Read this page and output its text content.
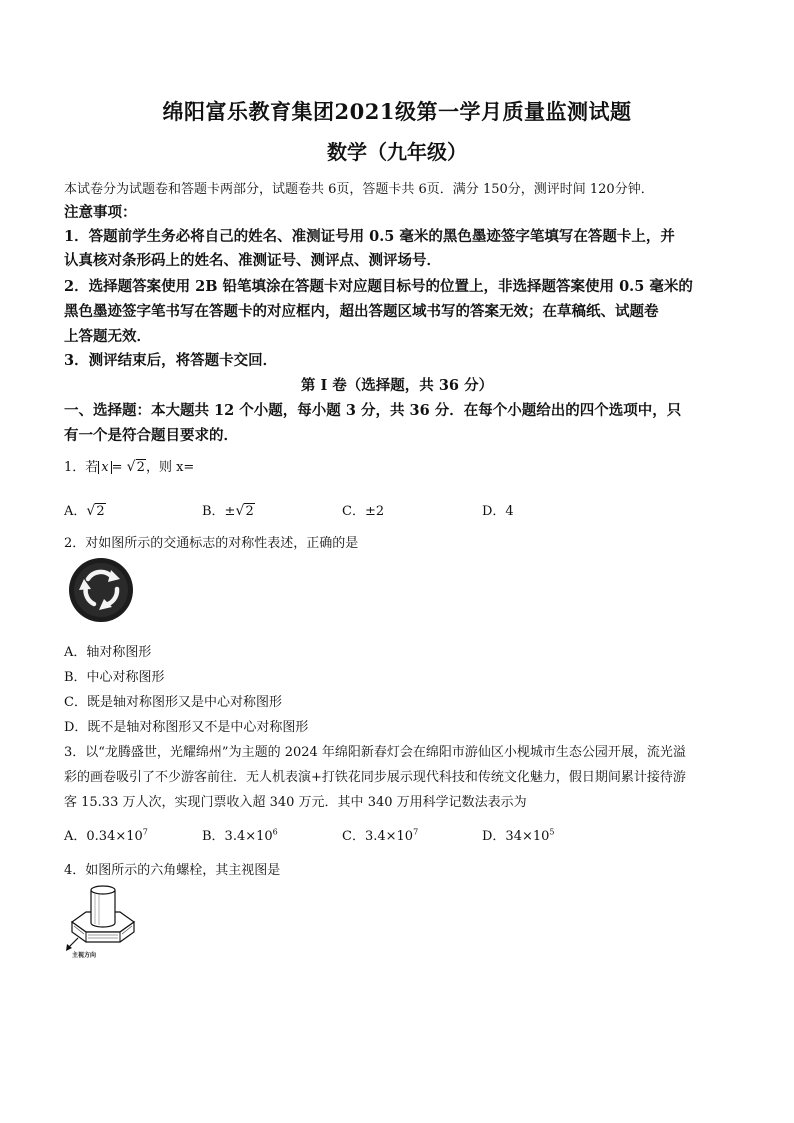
绵阳富乐教育集团2021级第一学月质量监测试题
数学（九年级）
本试卷分为试题卷和答题卡两部分，试题卷共 6页，答题卡共 6页．满分 150分，测评时间 120分钟．
注意事项：
1．答题前学生务必将自己的姓名、准测证号用 0.5 毫米的黑色墨迹签字笔填写在答题卡上，并
认真核对条形码上的姓名、准测证号、测评点、测评场号．
2．选择题答案使用 2B 铅笔填涂在答题卡对应题目标号的位置上，非选择题答案使用 0.5 毫米的
黑色墨迹签字笔书写在答题卡的对应框内，超出答题区域书写的答案无效；在草稿纸、试题卷
上答题无效．
3．测评结束后，将答题卡交回．
第 I 卷（选择题，共 36 分）
一、选择题：本大题共 12 个小题，每小题 3 分，共 36 分．在每个小题给出的四个选项中，只
有一个是符合题目要求的．
1．若 x = √ 2，则 x=
A． √ 2	B．± √ 2	C．±2	D．4
2．对如图所示的交通标志的对称性表述，正确的是
A．轴对称图形
B．中心对称图形
C．既是轴对称图形又是中心对称图形
D．既不是轴对称图形又不是中心对称图形
3．以“龙腾盛世，光耀绵州”为主题的 2024 年绵阳新春灯会在绵阳市游仙区小枧城市生态公园开展，流光溢
彩的画卷吸引了不少游客前往．无人机表演+打铁花同步展示现代科技和传统文化魅力，假日期间累计接待游
客 15.33 万人次，实现门票收入超 340 万元．其中 340 万用科学记数法表示为
A．$0.34\times 10^7$	B．$3.4\times 10^6$	C．$3.4\times 10^7$	D．$34\times 10^5$
4．如图所示的六角螺栓，其主视图是
主视方向
